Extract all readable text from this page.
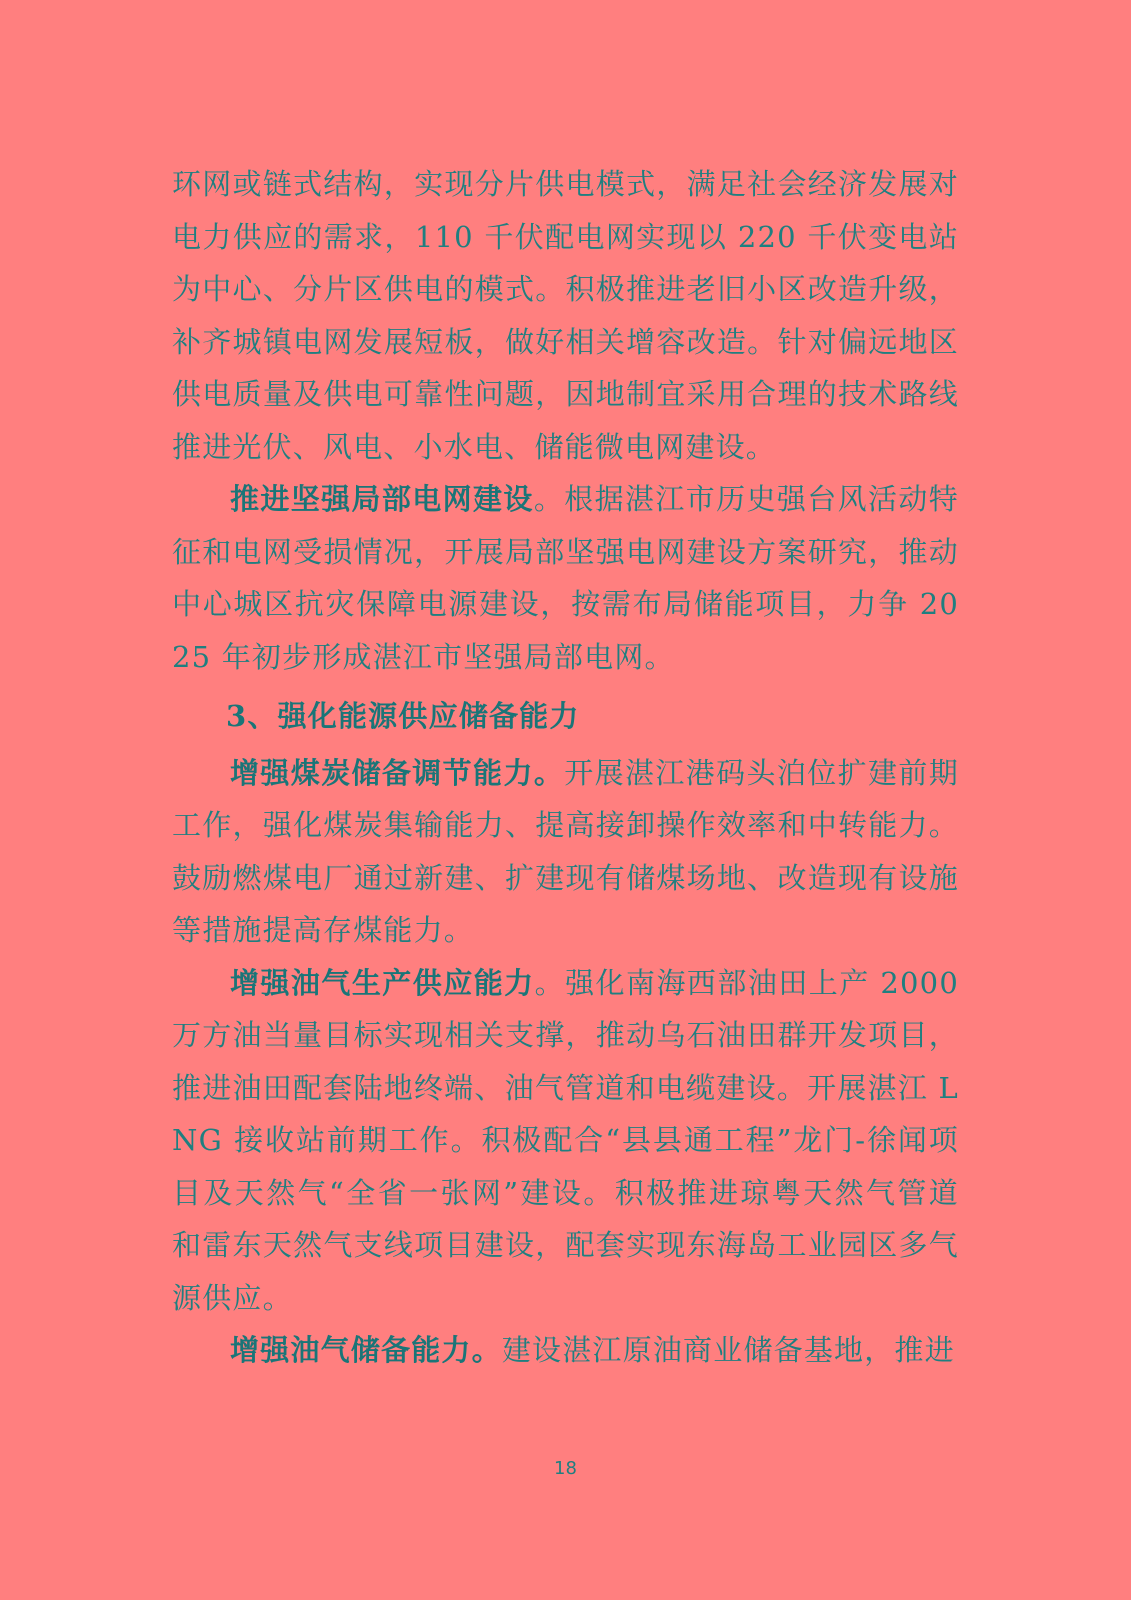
环网或链式结构，实现分片供电模式，满足社会经济发展对电力供应的需求，110 千伏配电网实现以 220 千伏变电站为中心、分片区供电的模式。积极推进老旧小区改造升级，补齐城镇电网发展短板，做好相关增容改造。针对偏远地区供电质量及供电可靠性问题，因地制宜采用合理的技术路线推进光伏、风电、小水电、储能微电网建设。

推进坚强局部电网建设。根据湛江市历史强台风活动特征和电网受损情况，开展局部坚强电网建设方案研究，推动中心城区抗灾保障电源建设，按需布局储能项目，力争 2025 年初步形成湛江市坚强局部电网。

3、强化能源供应储备能力

增强煤炭储备调节能力。开展湛江港码头泊位扩建前期工作，强化煤炭集输能力、提高接卸操作效率和中转能力。鼓励燃煤电厂通过新建、扩建现有储煤场地、改造现有设施等措施提高存煤能力。

增强油气生产供应能力。强化南海西部油田上产 2000 万方油当量目标实现相关支撑，推动乌石油田群开发项目，推进油田配套陆地终端、油气管道和电缆建设。开展湛江 LNG 接收站前期工作。积极配合“县县通工程”龙门-徐闻项目及天然气“全省一张网”建设。积极推进琼粤天然气管道和雷东天然气支线项目建设，配套实现东海岛工业园区多气源供应。

增强油气储备能力。建设湛江原油商业储备基地，推进

18
